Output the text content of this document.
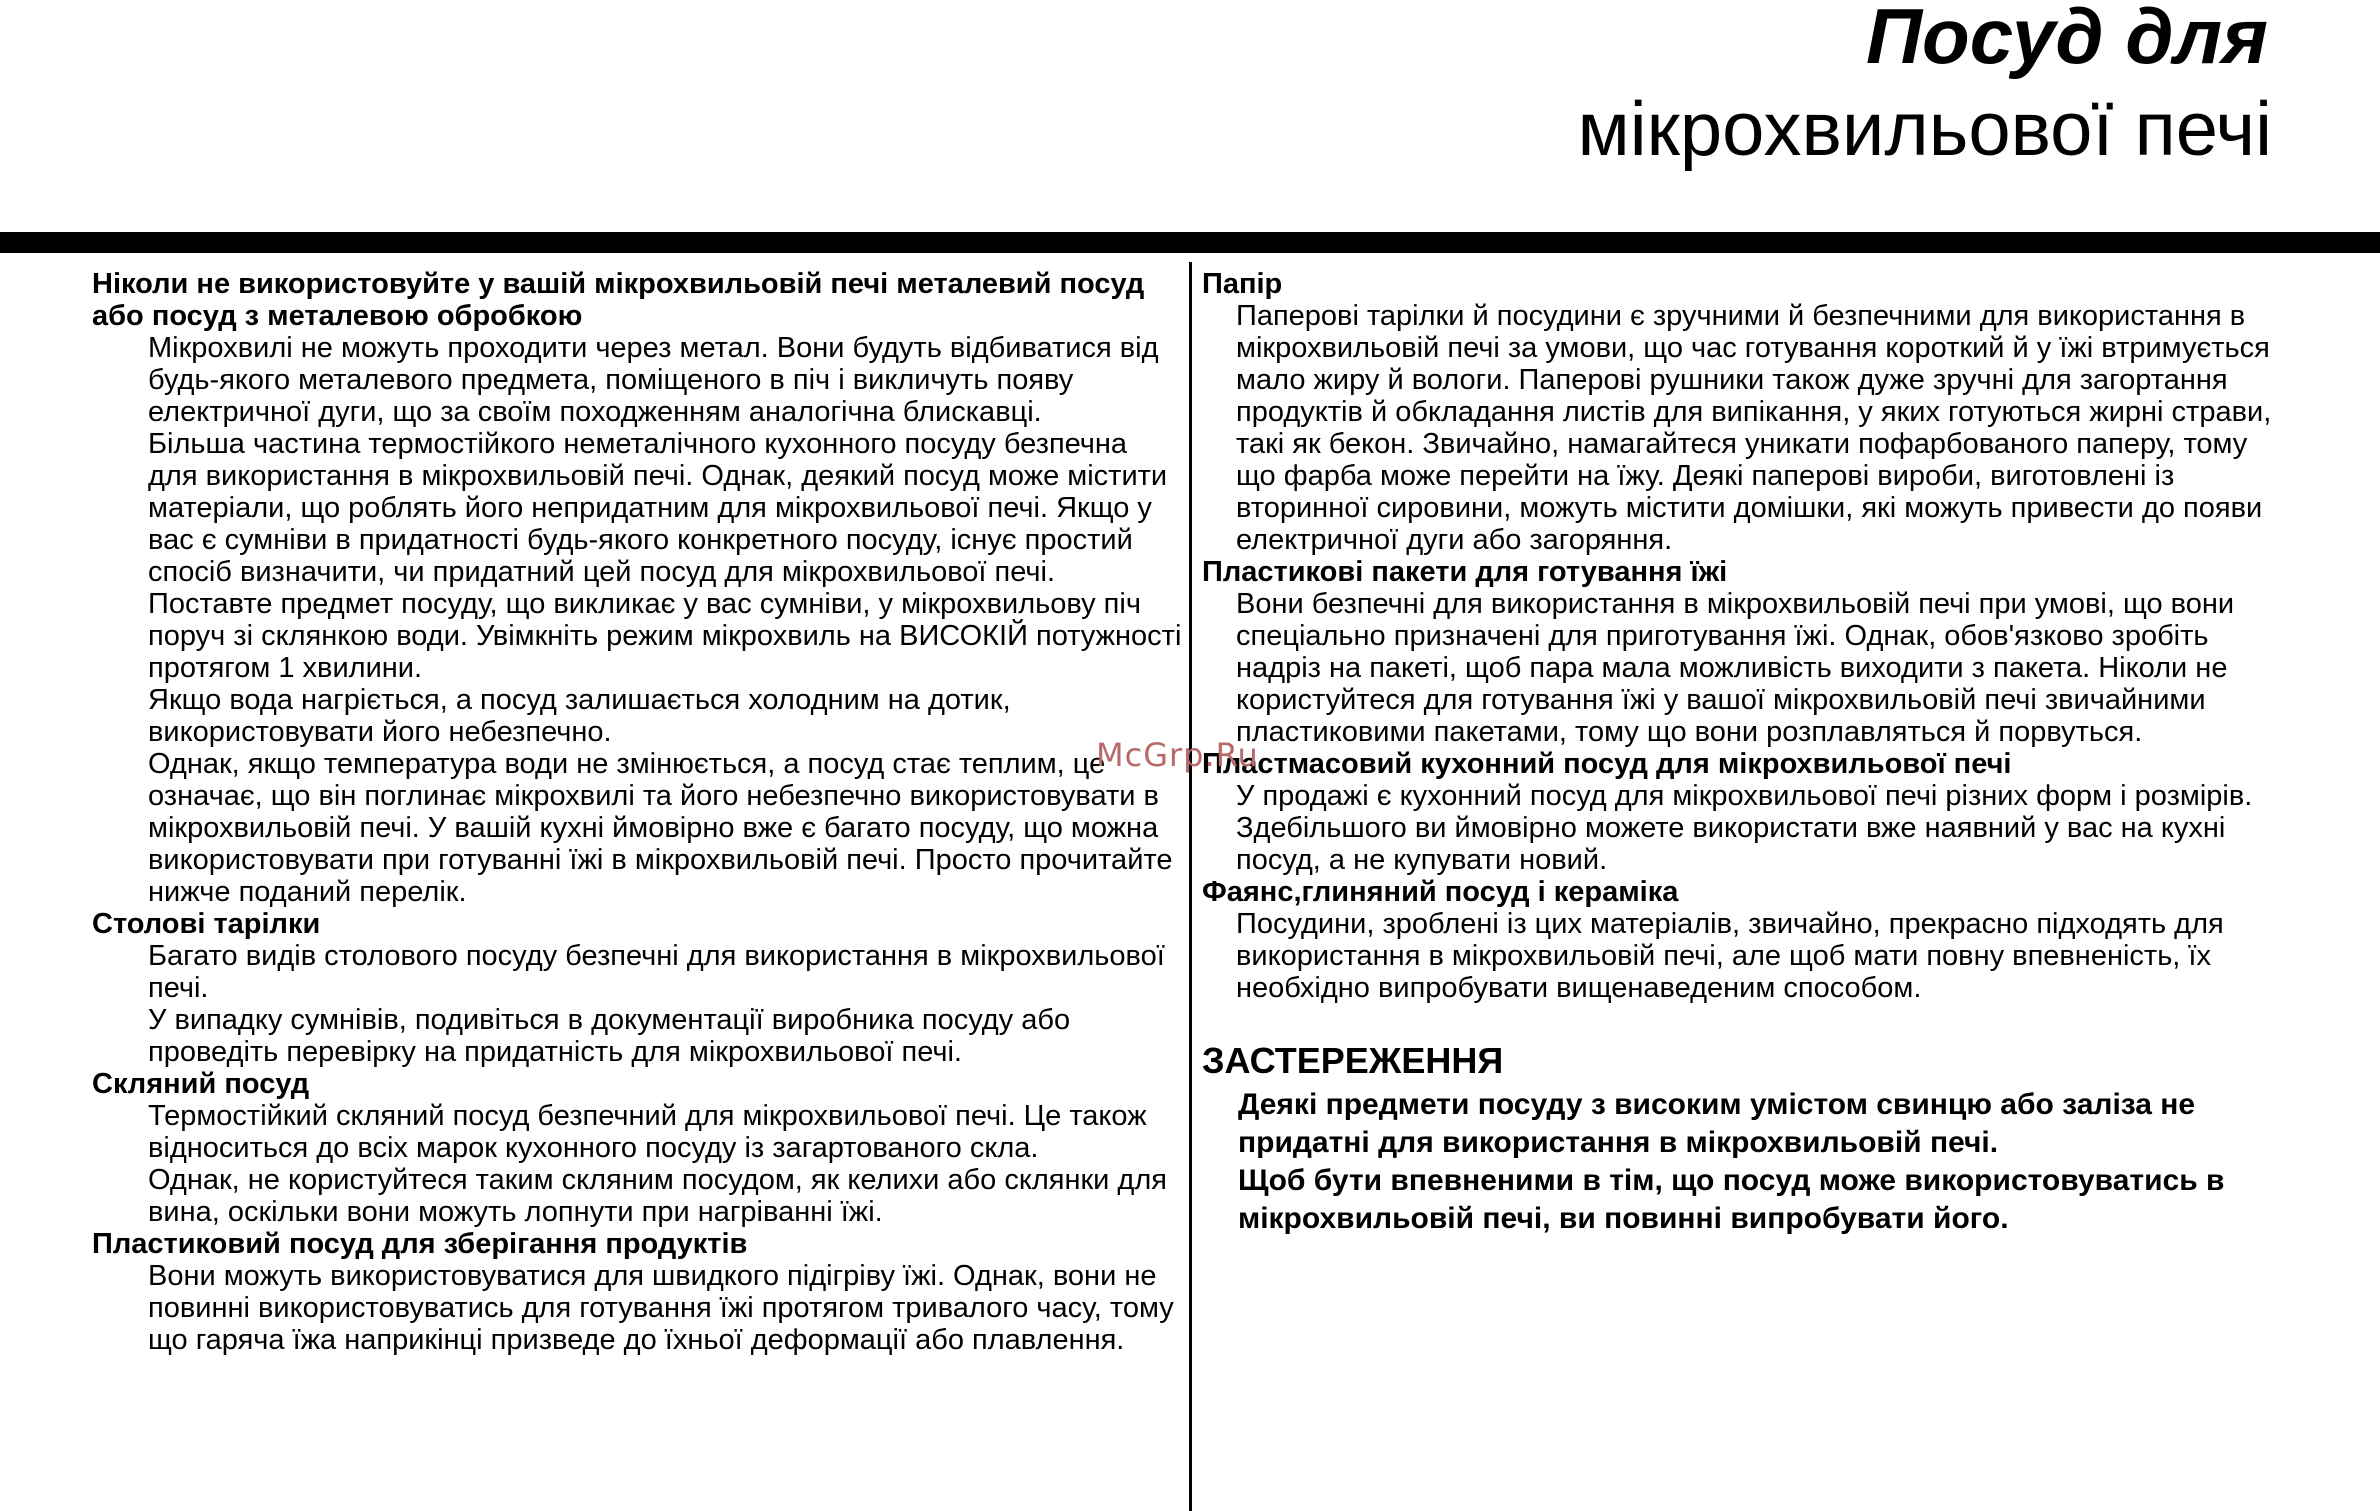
Посуд для
мікрохвильової печі

Ніколи не використовуйте у вашій мікрохвильовій печі металевий посуд або посуд з металевою обробкою

Мікрохвилі не можуть проходити через метал. Вони будуть відбиватися від будь-якого металевого предмета, поміщеного в піч і викличуть появу електричної дуги, що за своїм походженням аналогічна блискавці.

Більша частина термостійкого неметалічного кухонного посуду безпечна для використання в мікрохвильовій печі. Однак, деякий посуд може містити матеріали, що роблять його непридатним для мікрохвильової печі. Якщо у вас є сумніви в придатності будь-якого конкретного посуду, існує простий спосіб визначити, чи придатний цей посуд для мікрохвильової печі.

Поставте предмет посуду, що викликає у вас сумніви, у мікрохвильову піч поруч зі склянкою води. Увімкніть режим мікрохвиль на ВИСОКІЙ потужності протягом 1 хвилини.

Якщо вода нагріється, а посуд залишається холодним на дотик, використовувати його небезпечно.

Однак, якщо температура води не змінюється, а посуд стає теплим, це означає, що він поглинає мікрохвилі та його небезпечно використовувати в мікрохвильовій печі. У вашій кухні ймовірно вже є багато посуду, що можна використовувати при готуванні їжі в мікрохвильовій печі. Просто прочитайте нижче поданий перелік.

Столові тарілки

Багато видів столового посуду безпечні для використання в мікрохвильової печі.

У випадку сумнівів, подивіться в документації виробника посуду або проведіть перевірку на придатність для мікрохвильової печі.

Скляний посуд

Термостійкий скляний посуд безпечний для мікрохвильової печі. Це також відноситься до всіх марок кухонного посуду із загартованого скла.

Однак, не користуйтеся таким скляним посудом, як келихи або склянки для вина, оскільки вони можуть лопнути при нагріванні їжі.

Пластиковий посуд для зберігання продуктів

Вони можуть використовуватися для швидкого підігріву їжі. Однак, вони не повинні використовуватись для готування їжі протягом тривалого часу, тому що гаряча їжа наприкінці призведе до їхньої деформації або плавлення.

Папір

Паперові тарілки й посудини є зручними й безпечними для використання в мікрохвильовій печі за умови, що час готування короткий й у їжі втримується мало жиру й вологи. Паперові рушники також дуже зручні для загортання продуктів й обкладання листів для випікання, у яких готуються жирні страви, такі як бекон. Звичайно, намагайтеся уникати пофарбованого паперу, тому що фарба може перейти на їжу. Деякі паперові вироби, виготовлені із вторинної сировини, можуть містити домішки, які можуть привести до появи електричної дуги або загоряння.

Пластикові пакети для готування їжі

Вони безпечні для використання в мікрохвильовій печі при умові, що вони спеціально призначені для приготування їжі. Однак, обов'язково зробіть надріз на пакеті, щоб пара мала можливість виходити з пакета. Ніколи не користуйтеся для готування їжі у вашої мікрохвильовій печі звичайними пластиковими пакетами, тому що вони розплавляться й порвуться.

Пластмасовий кухонний посуд для мікрохвильової печі

У продажі є кухонний посуд для мікрохвильової печі різних форм і розмірів. Здебільшого ви ймовірно можете використати вже наявний у вас на кухні посуд, а не купувати новий.

Фаянс,глиняний посуд і кераміка

Посудини, зроблені із цих матеріалів, звичайно, прекрасно підходять для використання в мікрохвильовій печі, але щоб мати повну впевненість, їх необхідно випробувати вищенаведеним способом.

ЗАСТЕРЕЖЕННЯ

Деякі предмети посуду з високим умістом свинцю або заліза не придатні для використання в мікрохвильовій печі.

Щоб бути впевненими в тім, що посуд може використовуватись в мікрохвильовій печі, ви повинні випробувати його.

McGrp.Ru
